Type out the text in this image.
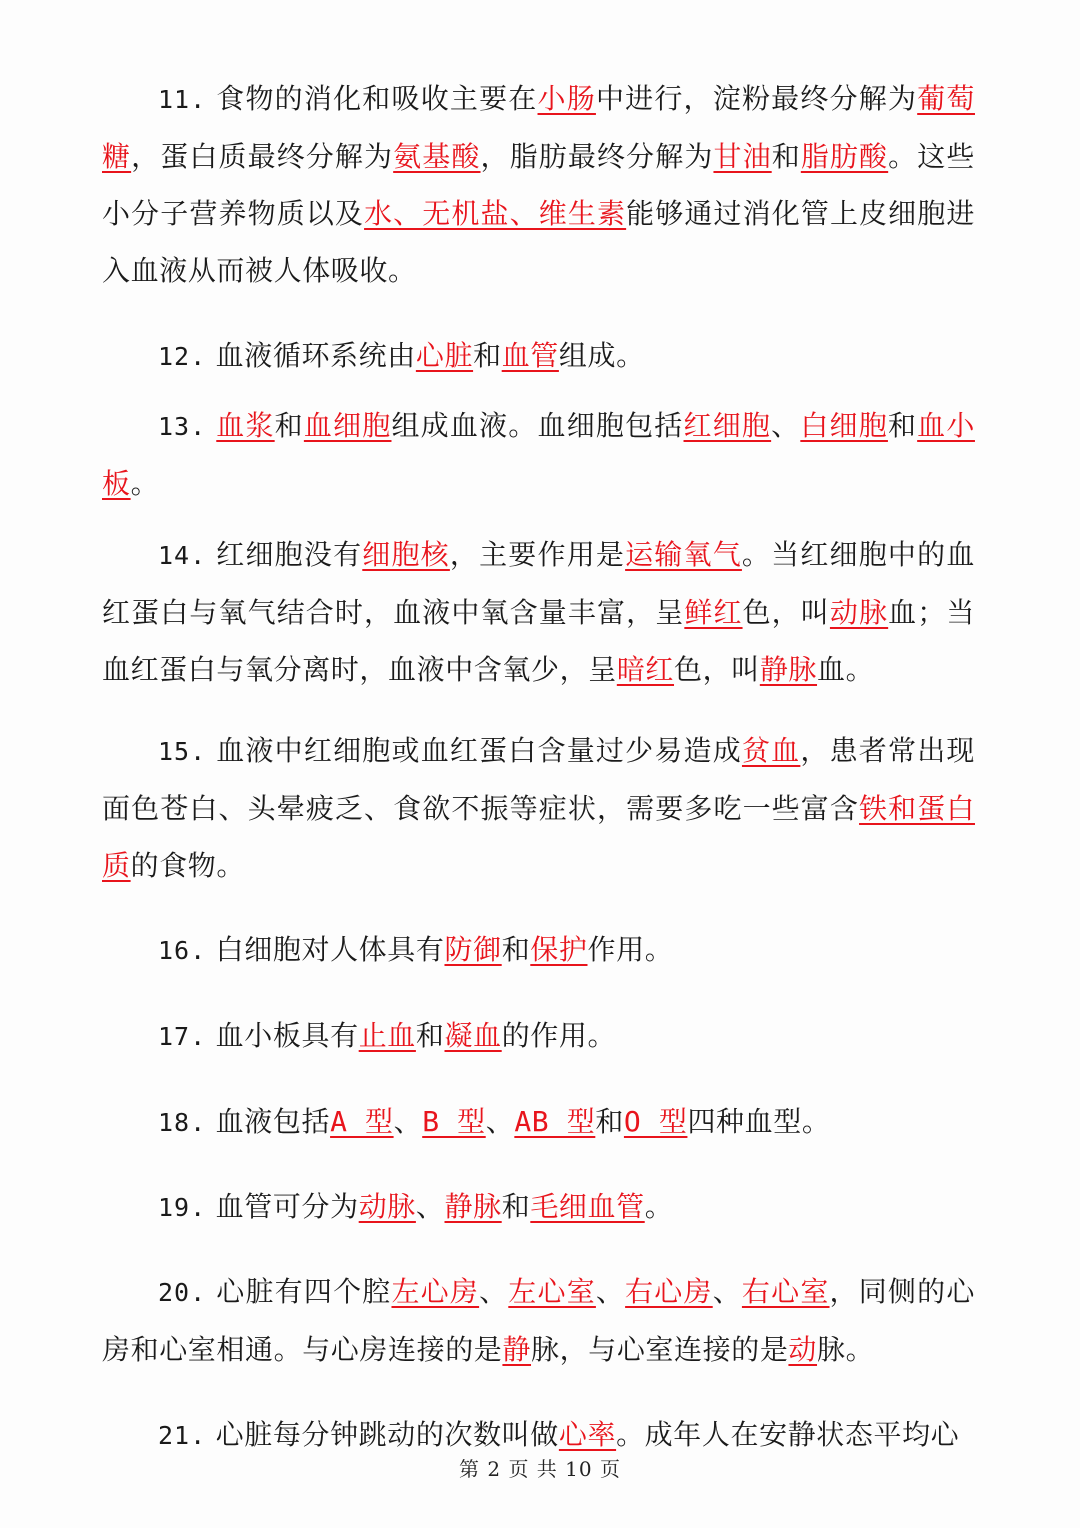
11. 食物的消化和吸收主要在小肠中进行，淀粉最终分解为葡萄糖，蛋白质最终分解为氨基酸，脂肪最终分解为甘油和脂肪酸。这些小分子营养物质以及水、无机盐、维生素能够通过消化管上皮细胞进入血液从而被人体吸收。

12. 血液循环系统由心脏和血管组成。

13. 血浆和血细胞组成血液。血细胞包括红细胞、白细胞和血小板。

14. 红细胞没有细胞核，主要作用是运输氧气。当红细胞中的血红蛋白与氧气结合时，血液中氧含量丰富，呈鲜红色，叫动脉血；当血红蛋白与氧分离时，血液中含氧少，呈暗红色，叫静脉血。

15. 血液中红细胞或血红蛋白含量过少易造成贫血，患者常出现面色苍白、头晕疲乏、食欲不振等症状，需要多吃一些富含铁和蛋白质的食物。

16. 白细胞对人体具有防御和保护作用。

17. 血小板具有止血和凝血的作用。

18. 血液包括A 型、B 型、AB 型和O 型四种血型。

19. 血管可分为动脉、静脉和毛细血管。

20. 心脏有四个腔左心房、左心室、右心房、右心室，同侧的心房和心室相通。与心房连接的是静脉，与心室连接的是动脉。

21. 心脏每分钟跳动的次数叫做心率。成年人在安静状态平均心

第 2 页 共 10 页
